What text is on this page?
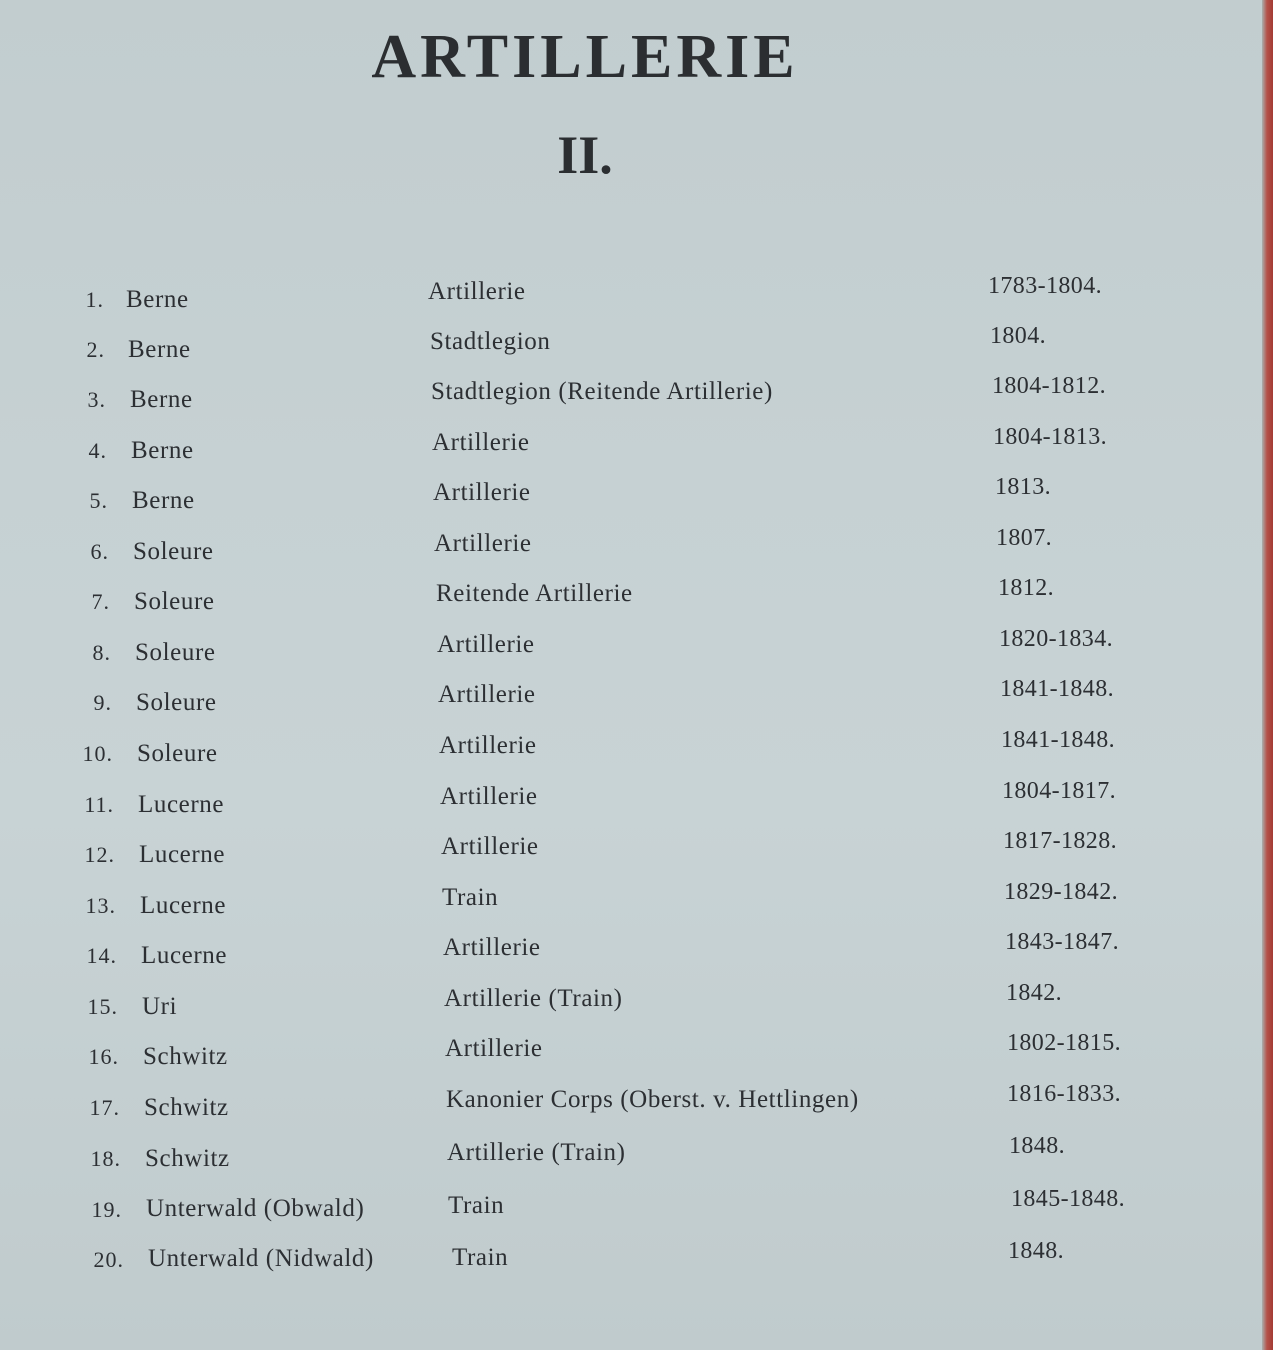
ARTILLERIE
II.
1. Berne	Artillerie	1783-1804.
2. Berne	Stadtlegion	1804.
3. Berne	Stadtlegion (Reitende Artillerie)	1804-1812.
4. Berne	Artillerie	1804-1813.
5. Berne	Artillerie	1813.
6. Soleure	Artillerie	1807.
7. Soleure	Reitende Artillerie	1812.
8. Soleure	Artillerie	1820-1834.
9. Soleure	Artillerie	1841-1848.
10. Soleure	Artillerie	1841-1848.
11. Lucerne	Artillerie	1804-1817.
12. Lucerne	Artillerie	1817-1828.
13. Lucerne	Train	1829-1842.
14. Lucerne	Artillerie	1843-1847.
15. Uri	Artillerie (Train)	1842.
16. Schwitz	Artillerie	1802-1815.
17. Schwitz	Kanonier Corps (Oberst. v. Hettlingen)	1816-1833.
18. Schwitz	Artillerie (Train)	1848.
19. Unterwald (Obwald)	Train	1845-1848.
20. Unterwald (Nidwald)	Train	1848.
